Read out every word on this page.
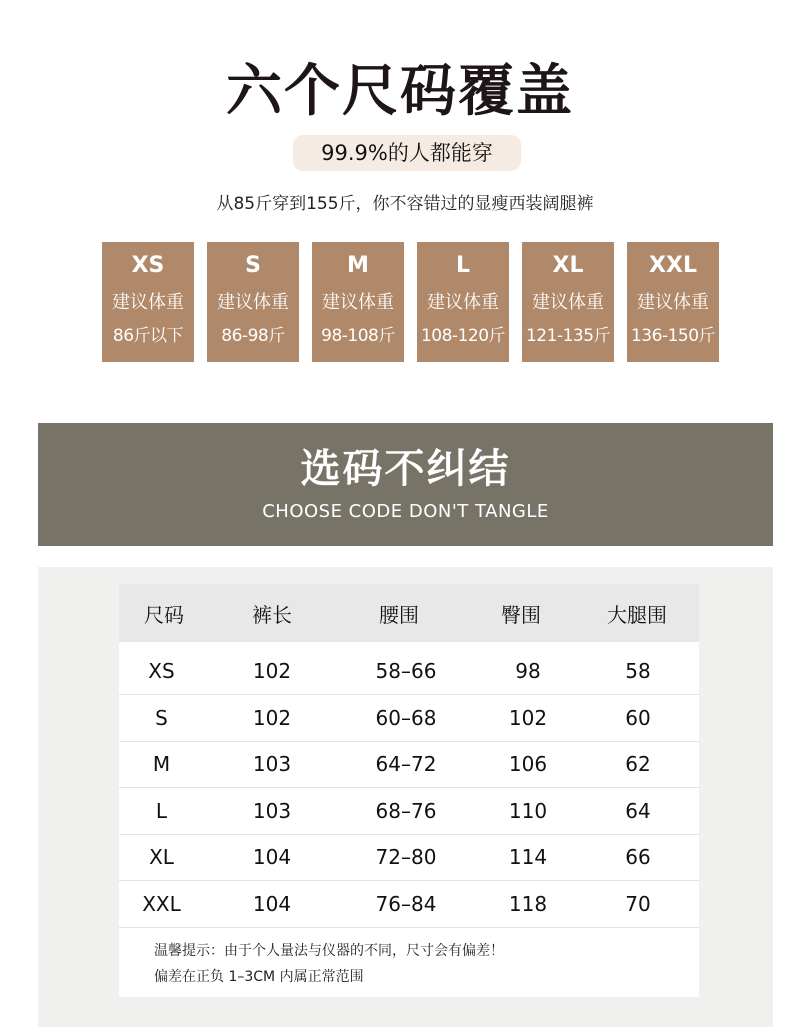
六个尺码覆盖
99.9%的人都能穿
从85斤穿到155斤，你不容错过的显瘦西装阔腿裤
XS
建议体重
86斤以下
S
建议体重
86-98斤
M
建议体重
98-108斤
L
建议体重
108-120斤
XL
建议体重
121-135斤
XXL
建议体重
136-150斤
选码不纠结
CHOOSE CODE DON'T TANGLE
尺码	裤长	腰围	臀围	大腿围
XS	102	58–66	98	58
S	102	60–68	102	60
M	103	64–72	106	62
L	103	68–76	110	64
XL	104	72–80	114	66
XXL	104	76–84	118	70
温馨提示：由于个人量法与仪器的不同，尺寸会有偏差！
偏差在正负 1–3CM 内属正常范围
